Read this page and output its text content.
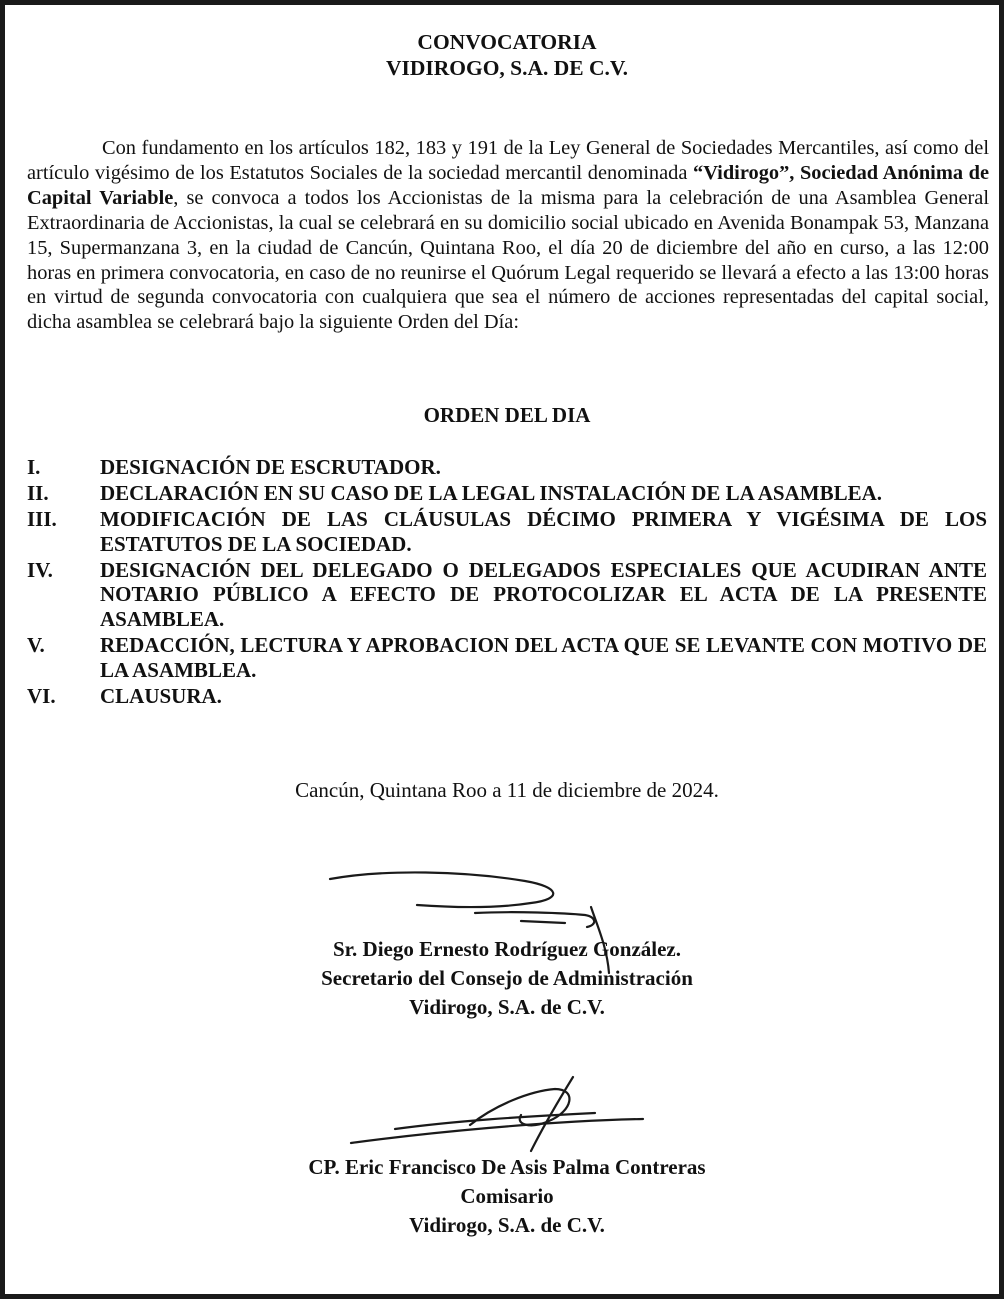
CONVOCATORIA
VIDIROGO, S.A. DE C.V.

Con fundamento en los artículos 182, 183 y 191 de la Ley General de Sociedades Mercantiles, así como del artículo vigésimo de los Estatutos Sociales de la sociedad mercantil denominada “Vidirogo”, Sociedad Anónima de Capital Variable, se convoca a todos los Accionistas de la misma para la celebración de una Asamblea General Extraordinaria de Accionistas, la cual se celebrará en su domicilio social ubicado en Avenida Bonampak 53, Manzana 15, Supermanzana 3, en la ciudad de Cancún, Quintana Roo, el día 20 de diciembre del año en curso, a las 12:00 horas en primera convocatoria, en caso de no reunirse el Quórum Legal requerido se llevará a efecto a las 13:00 horas en virtud de segunda convocatoria con cualquiera que sea el número de acciones representadas del capital social, dicha asamblea se celebrará bajo la siguiente Orden del Día:

ORDEN DEL DIA
I.	DESIGNACIÓN DE ESCRUTADOR.
II.	DECLARACIÓN EN SU CASO DE LA LEGAL INSTALACIÓN DE LA ASAMBLEA.
III.	MODIFICACIÓN DE LAS CLÁUSULAS DÉCIMO PRIMERA Y VIGÉSIMA DE LOS ESTATUTOS DE LA SOCIEDAD.
IV.	DESIGNACIÓN DEL DELEGADO O DELEGADOS ESPECIALES QUE ACUDIRAN ANTE NOTARIO PÚBLICO A EFECTO DE PROTOCOLIZAR EL ACTA DE LA PRESENTE ASAMBLEA.
V.	REDACCIÓN, LECTURA Y APROBACION DEL ACTA QUE SE LEVANTE CON MOTIVO DE LA ASAMBLEA.
VI.	CLAUSURA.
Cancún, Quintana Roo a 11 de diciembre de 2024.
Sr. Diego Ernesto Rodríguez González.
Secretario del Consejo de Administración
Vidirogo, S.A. de C.V.
CP. Eric Francisco De Asis Palma Contreras
Comisario
Vidirogo, S.A. de C.V.
